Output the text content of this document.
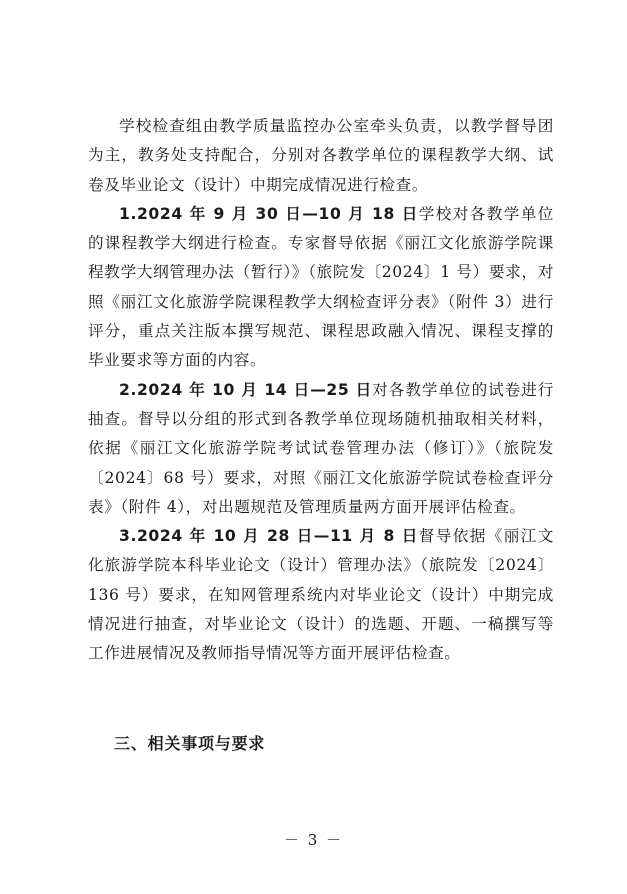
学校检查组由教学质量监控办公室牵头负责，以教学督导团为主，教务处支持配合，分别对各教学单位的课程教学大纲、试卷及毕业论文（设计）中期完成情况进行检查。

1.2024 年 9 月 30 日—10 月 18 日学校对各教学单位的课程教学大纲进行检查。专家督导依据《丽江文化旅游学院课程教学大纲管理办法（暂行）》（旅院发〔2024〕1 号）要求，对照《丽江文化旅游学院课程教学大纲检查评分表》（附件 3）进行评分，重点关注版本撰写规范、课程思政融入情况、课程支撑的毕业要求等方面的内容。

2.2024 年 10 月 14 日—25 日对各教学单位的试卷进行抽查。督导以分组的形式到各教学单位现场随机抽取相关材料，依据《丽江文化旅游学院考试试卷管理办法（修订）》（旅院发〔2024〕68 号）要求，对照《丽江文化旅游学院试卷检查评分表》（附件 4），对出题规范及管理质量两方面开展评估检查。

3.2024 年 10 月 28 日—11 月 8 日督导依据《丽江文化旅游学院本科毕业论文（设计）管理办法》（旅院发〔2024〕136 号）要求，在知网管理系统内对毕业论文（设计）中期完成情况进行抽查，对毕业论文（设计）的选题、开题、一稿撰写等工作进展情况及教师指导情况等方面开展评估检查。

三、相关事项与要求
－ 3 －
